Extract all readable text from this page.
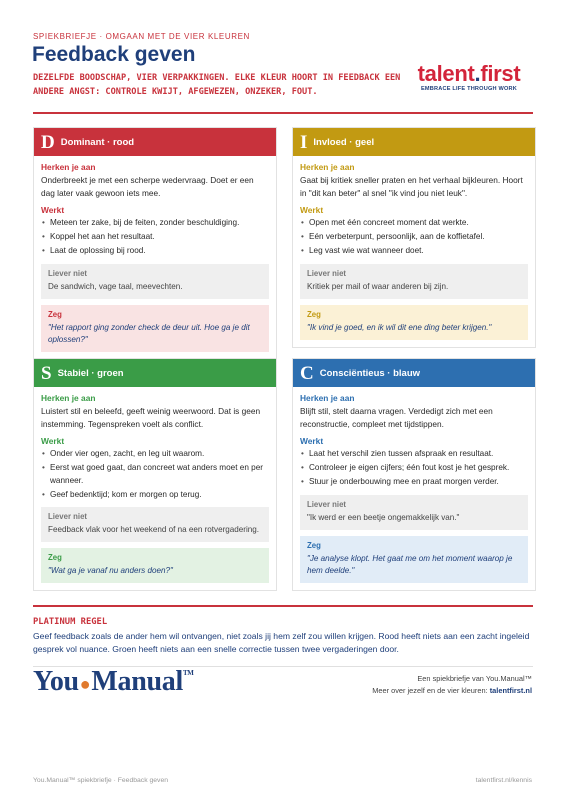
SPIEKBRIEFJE · OMGAAN MET DE VIER KLEUREN
Feedback geven
DEZELFDE BOODSCHAP, VIER VERPAKKINGEN. ELKE KLEUR HOORT IN FEEDBACK EEN ANDERE ANGST: CONTROLE KWIJT, AFGEWEZEN, ONZEKER, FOUT.
talent.first
EMBRACE LIFE THROUGH WORK
D Dominant · rood
Herken je aan
Onderbreekt je met een scherpe wedervraag. Doet er een dag later vaak gewoon iets mee.
Werkt
• Meteen ter zake, bij de feiten, zonder beschuldiging.
• Koppel het aan het resultaat.
• Laat de oplossing bij rood.
Liever niet
De sandwich, vage taal, meevechten.
Zeg
"Het rapport ging zonder check de deur uit. Hoe ga je dit oplossen?"
I Invloed · geel
Herken je aan
Gaat bij kritiek sneller praten en het verhaal bijkleuren. Hoort in "dit kan beter" al snel "ik vind jou niet leuk".
Werkt
• Open met één concreet moment dat werkte.
• Eén verbeterpunt, persoonlijk, aan de koffietafel.
• Leg vast wie wat wanneer doet.
Liever niet
Kritiek per mail of waar anderen bij zijn.
Zeg
"Ik vind je goed, en ik wil dit ene ding beter krijgen."
S Stabiel · groen
Herken je aan
Luistert stil en beleefd, geeft weinig weerwoord. Dat is geen instemming. Tegenspreken voelt als conflict.
Werkt
• Onder vier ogen, zacht, en leg uit waarom.
• Eerst wat goed gaat, dan concreet wat anders moet en per wanneer.
• Geef bedenktijd; kom er morgen op terug.
Liever niet
Feedback vlak voor het weekend of na een rotvergadering.
Zeg
"Wat ga je vanaf nu anders doen?"
C Consciëntieus · blauw
Herken je aan
Blijft stil, stelt daarna vragen. Verdedigt zich met een reconstructie, compleet met tijdstippen.
Werkt
• Laat het verschil zien tussen afspraak en resultaat.
• Controleer je eigen cijfers; één fout kost je het gesprek.
• Stuur je onderbouwing mee en praat morgen verder.
Liever niet
"Ik werd er een beetje ongemakkelijk van."
Zeg
"Je analyse klopt. Het gaat me om het moment waarop je hem deelde."
PLATINUM REGEL
Geef feedback zoals de ander hem wil ontvangen, niet zoals jij hem zelf zou willen krijgen. Rood heeft niets aan een zacht ingeleid gesprek vol nuance. Groen heeft niets aan een snelle correctie tussen twee vergaderingen door.
You●Manual™
Een spiekbriefje van You.Manual™
Meer over jezelf en de vier kleuren: talentfirst.nl
You.Manual™ spiekbriefje · Feedback geven	talentfirst.nl/kennis
